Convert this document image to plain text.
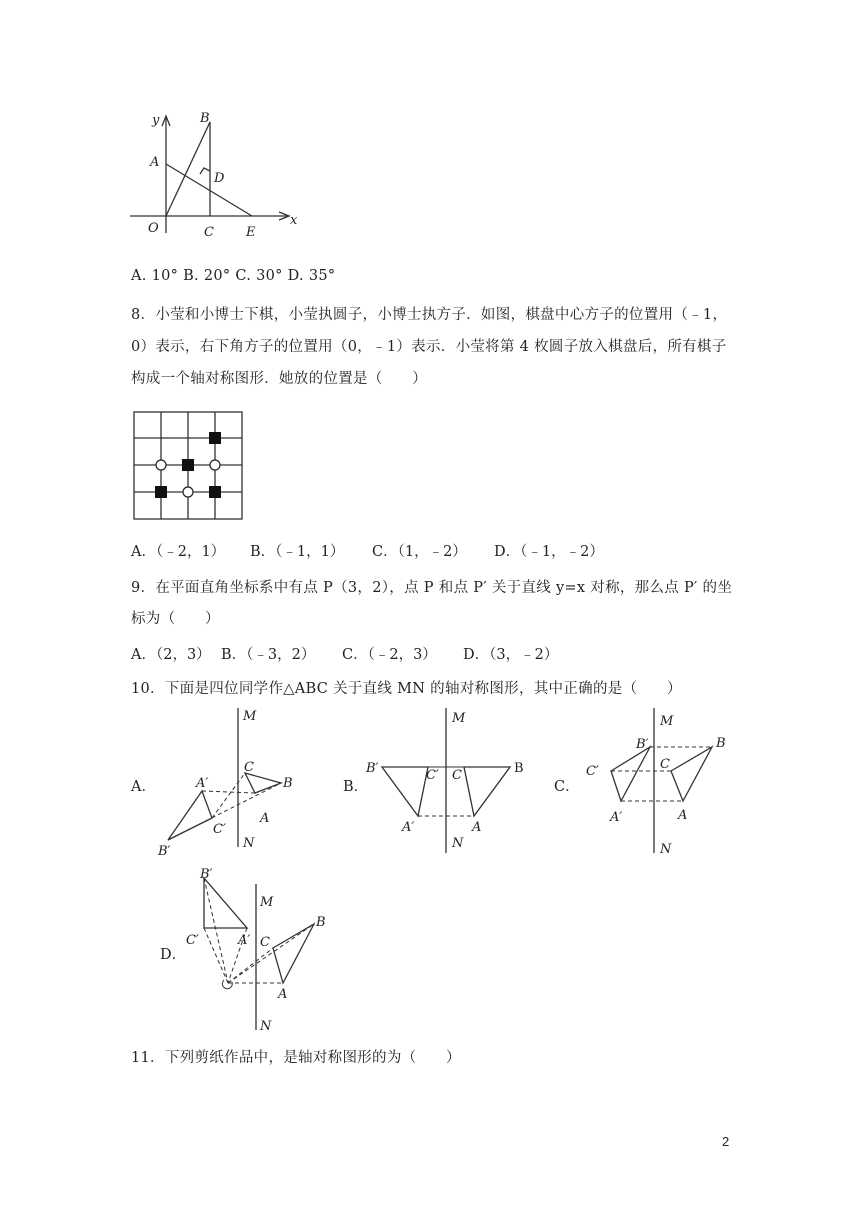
y
x
B
A
D
O	C E
A. 10° B. 20° C. 30° D. 35°
8．小莹和小博士下棋，小莹执圆子，小博士执方子．如图，棋盘中心方子的位置用（﹣1，
0）表示，右下角方子的位置用（0，﹣1）表示．小莹将第 4 枚圆子放入棋盘后，所有棋子
构成一个轴对称图形．她放的位置是（　　）
A．（﹣2，1） B．（﹣1，1） C．（1，﹣2） D．（﹣1，﹣2）
9．在平面直角坐标系中有点 P（3，2），点 P 和点 P′ 关于直线 y=x 对称，那么点 P′ 的坐
标为（　　）
A．（2，3） B．（﹣3，2） C．（﹣2，3） D．（3，﹣2）
10．下面是四位同学作△ABC 关于直线 MN 的轴对称图形，其中正确的是（　　）
A．
M
N
B
C
A
A′
C′
B′
B．
M
N
B′	C′ C	B
A′	A
C．
M
N
B′	B
C′	C
A′	A
D．
B′
M
B
C′	A′ C
A
N
11．下列剪纸作品中，是轴对称图形的为（　　）
2
